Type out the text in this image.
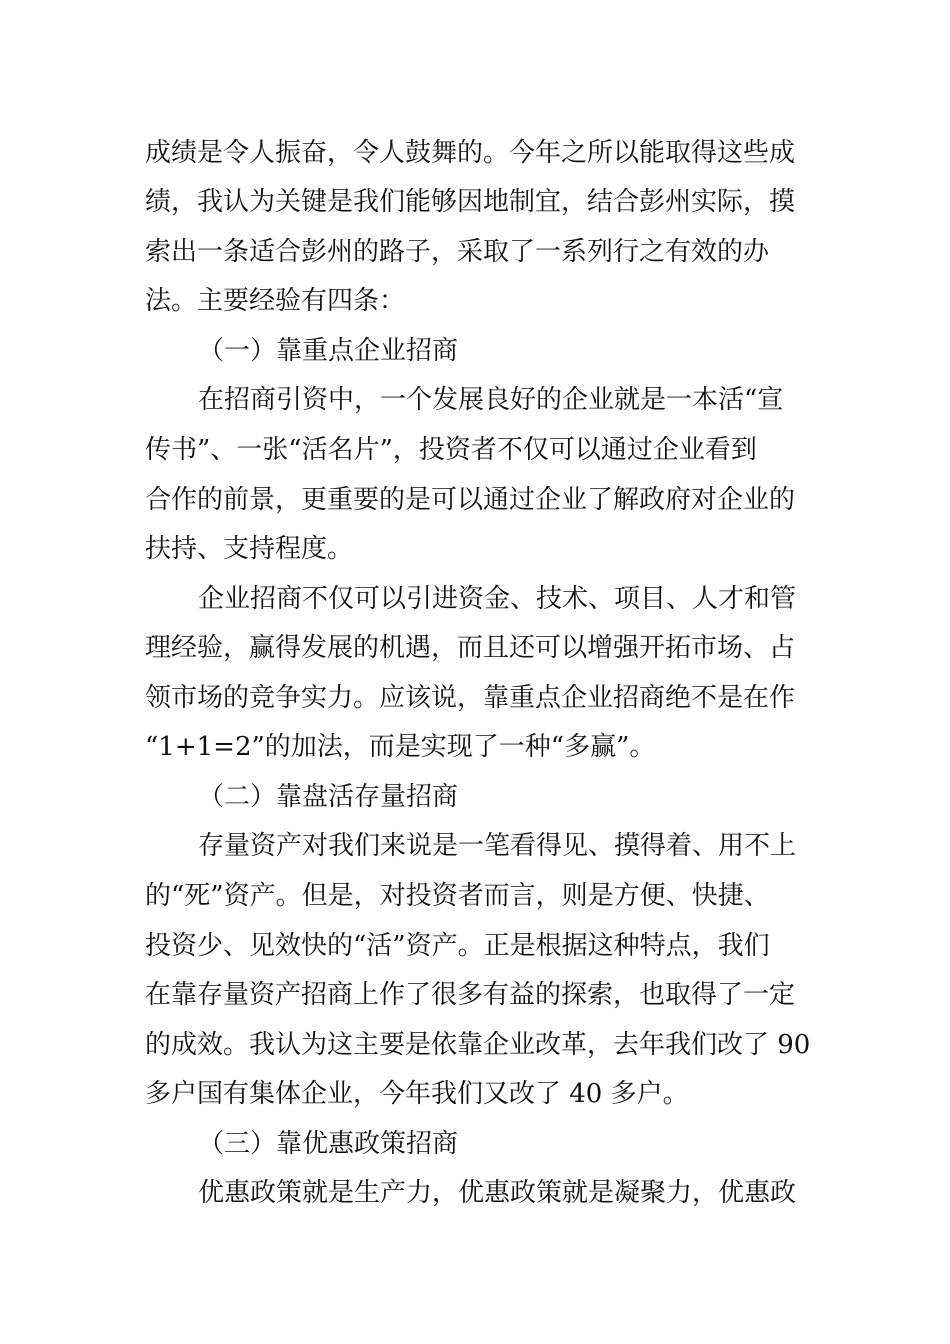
成绩是令人振奋，令人鼓舞的。今年之所以能取得这些成
绩，我认为关键是我们能够因地制宜，结合彭州实际，摸
索出一条适合彭州的路子，采取了一系列行之有效的办
法。主要经验有四条：
（一）靠重点企业招商
在招商引资中，一个发展良好的企业就是一本活“宣
传书”、一张“活名片”，投资者不仅可以通过企业看到
合作的前景，更重要的是可以通过企业了解政府对企业的
扶持、支持程度。
企业招商不仅可以引进资金、技术、项目、人才和管
理经验，赢得发展的机遇，而且还可以增强开拓市场、占
领市场的竞争实力。应该说，靠重点企业招商绝不是在作
“1+1=2”的加法，而是实现了一种“多赢”。
（二）靠盘活存量招商
存量资产对我们来说是一笔看得见、摸得着、用不上
的“死”资产。但是，对投资者而言，则是方便、快捷、
投资少、见效快的“活”资产。正是根据这种特点，我们
在靠存量资产招商上作了很多有益的探索，也取得了一定
的成效。我认为这主要是依靠企业改革，去年我们改了 90
多户国有集体企业，今年我们又改了 40 多户。
（三）靠优惠政策招商
优惠政策就是生产力，优惠政策就是凝聚力，优惠政
